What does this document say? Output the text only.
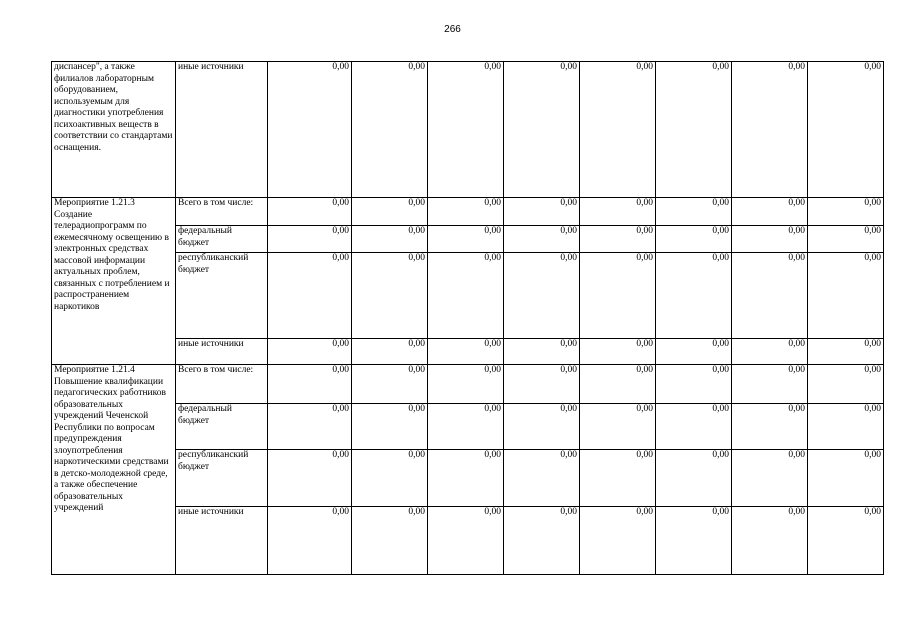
266
диспансер", а также филиалов лабораторным оборудованием, используемым для диагностики употребления психоактивных веществ в соответствии со стандартами оснащения.	иные источники	0,00	0,00	0,00	0,00	0,00	0,00	0,00	0,00
Мероприятие 1.21.3 Создание телерадиопрограмм по ежемесячному освещению в электронных средствах массовой информации актуальных проблем, связанных с потреблением и распространением наркотиков	Всего в том числе:	0,00	0,00	0,00	0,00	0,00	0,00	0,00	0,00
	федеральный бюджет	0,00	0,00	0,00	0,00	0,00	0,00	0,00	0,00
	республиканский бюджет	0,00	0,00	0,00	0,00	0,00	0,00	0,00	0,00
	иные источники	0,00	0,00	0,00	0,00	0,00	0,00	0,00	0,00
Мероприятие 1.21.4 Повышение квалификации педагогических работников образовательных учреждений Чеченской Республики по вопросам предупреждения злоупотребления наркотическими средствами в детско-молодежной среде, а также обеспечение образовательных учреждений	Всего в том числе:	0,00	0,00	0,00	0,00	0,00	0,00	0,00	0,00
	федеральный бюджет	0,00	0,00	0,00	0,00	0,00	0,00	0,00	0,00
	республиканский бюджет	0,00	0,00	0,00	0,00	0,00	0,00	0,00	0,00
	иные источники	0,00	0,00	0,00	0,00	0,00	0,00	0,00	0,00
